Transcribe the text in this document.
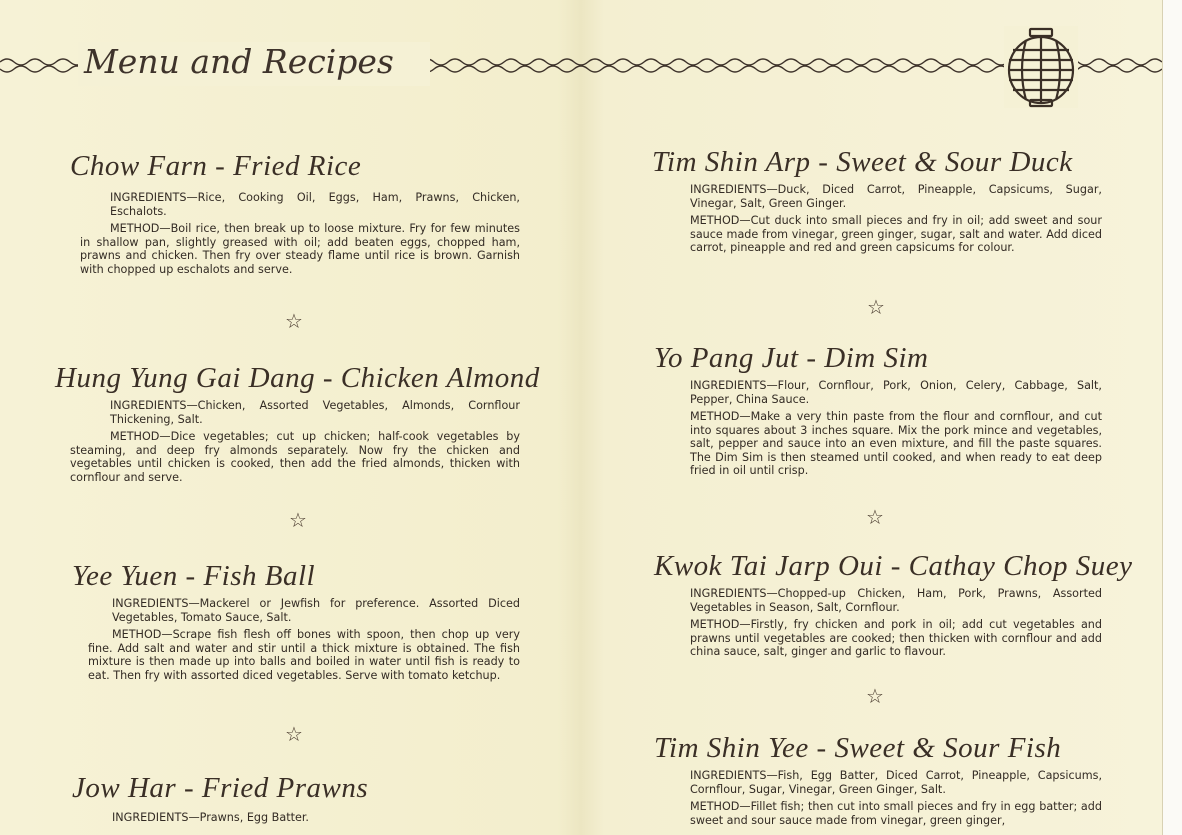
Menu and Recipes
Chow Farn - Fried Rice

INGREDIENTS—Rice, Cooking Oil, Eggs, Ham, Prawns, Chicken, Eschalots.

METHOD—Boil rice, then break up to loose mixture. Fry for few minutes in shallow pan, slightly greased with oil; add beaten eggs, chopped ham, prawns and chicken. Then fry over steady flame until rice is brown. Garnish with chopped up eschalots and serve.

☆
Hung Yung Gai Dang - Chicken Almond

INGREDIENTS—Chicken, Assorted Vegetables, Almonds, Cornflour Thickening, Salt.

METHOD—Dice vegetables; cut up chicken; half-cook vegetables by steaming, and deep fry almonds separately. Now fry the chicken and vegetables until chicken is cooked, then add the fried almonds, thicken with cornflour and serve.

☆
Yee Yuen - Fish Ball

INGREDIENTS—Mackerel or Jewfish for preference. Assorted Diced Vegetables, Tomato Sauce, Salt.

METHOD—Scrape fish flesh off bones with spoon, then chop up very fine. Add salt and water and stir until a thick mixture is obtained. The fish mixture is then made up into balls and boiled in water until fish is ready to eat. Then fry with assorted diced vegetables. Serve with tomato ketchup.

☆
Jow Har - Fried Prawns

INGREDIENTS—Prawns, Egg Batter.

Tim Shin Arp - Sweet & Sour Duck

INGREDIENTS—Duck, Diced Carrot, Pineapple, Capsicums, Sugar, Vinegar, Salt, Green Ginger.

METHOD—Cut duck into small pieces and fry in oil; add sweet and sour sauce made from vinegar, green ginger, sugar, salt and water. Add diced carrot, pineapple and red and green capsicums for colour.

☆
Yo Pang Jut - Dim Sim

INGREDIENTS—Flour, Cornflour, Pork, Onion, Celery, Cabbage, Salt, Pepper, China Sauce.

METHOD—Make a very thin paste from the flour and cornflour, and cut into squares about 3 inches square. Mix the pork mince and vegetables, salt, pepper and sauce into an even mixture, and fill the paste squares. The Dim Sim is then steamed until cooked, and when ready to eat deep fried in oil until crisp.

☆
Kwok Tai Jarp Oui - Cathay Chop Suey

INGREDIENTS—Chopped-up Chicken, Ham, Pork, Prawns, Assorted Vegetables in Season, Salt, Cornflour.

METHOD—Firstly, fry chicken and pork in oil; add cut vegetables and prawns until vegetables are cooked; then thicken with cornflour and add china sauce, salt, ginger and garlic to flavour.

☆
Tim Shin Yee - Sweet & Sour Fish

INGREDIENTS—Fish, Egg Batter, Diced Carrot, Pineapple, Capsicums, Cornflour, Sugar, Vinegar, Green Ginger, Salt.

METHOD—Fillet fish; then cut into small pieces and fry in egg batter; add sweet and sour sauce made from vinegar, green ginger,
